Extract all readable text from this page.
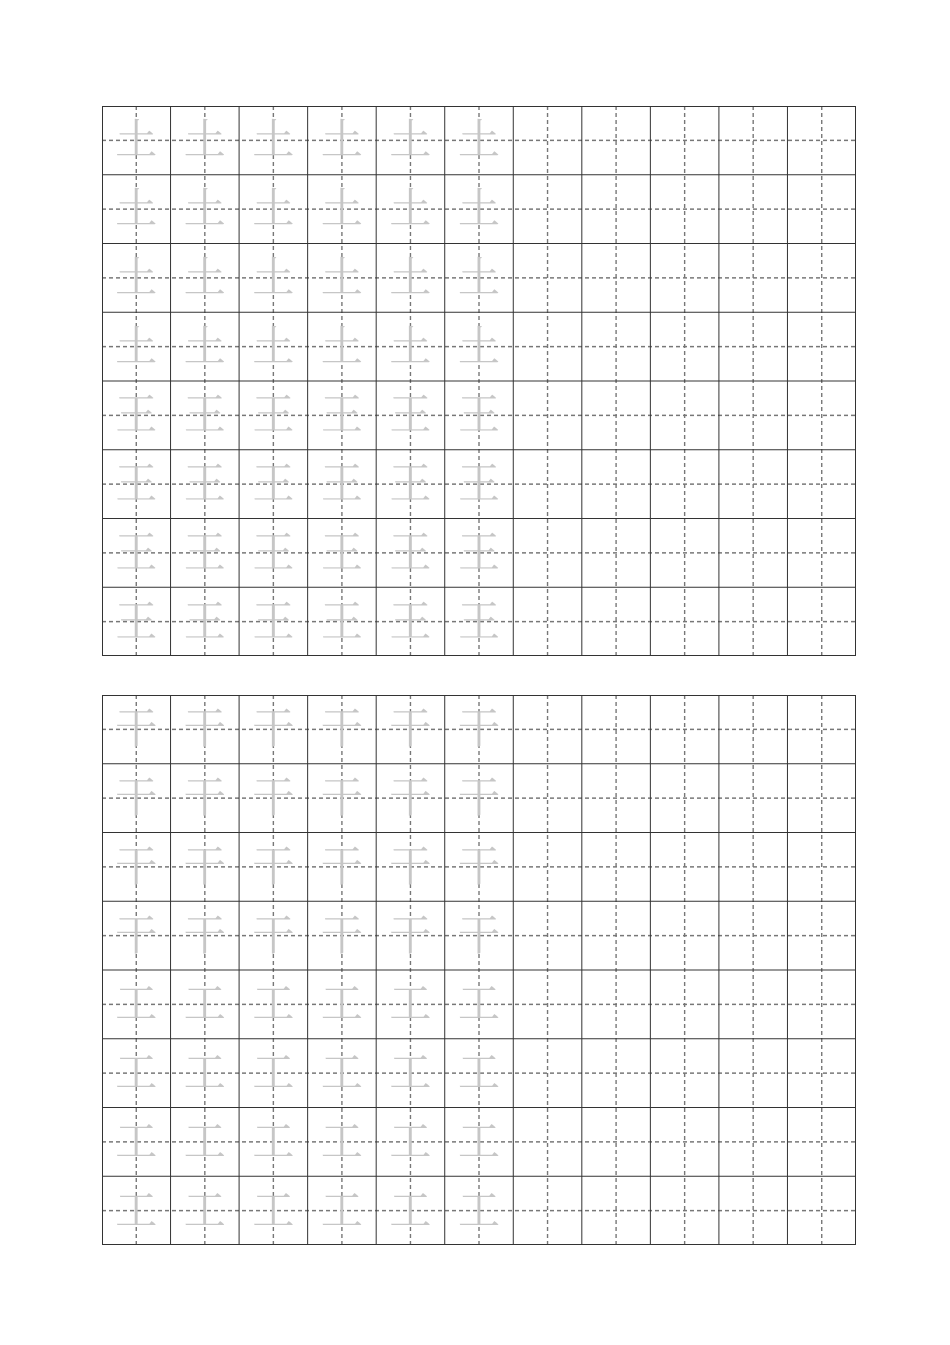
土 土 土 土 土 土
土 土 土 土 土 土
土 土 土 土 土 土
土 土 土 土 土 土
王 王 王 王 王 王
王 王 王 王 王 王
王 王 王 王 王 王
王 王 王 王 王 王
干 干 干 干 干 干
干 干 干 干 干 干
干 干 干 干 干 干
干 干 干 干 干 干
工 工 工 工 工 工
工 工 工 工 工 工
工 工 工 工 工 工
工 工 工 工 工 工
